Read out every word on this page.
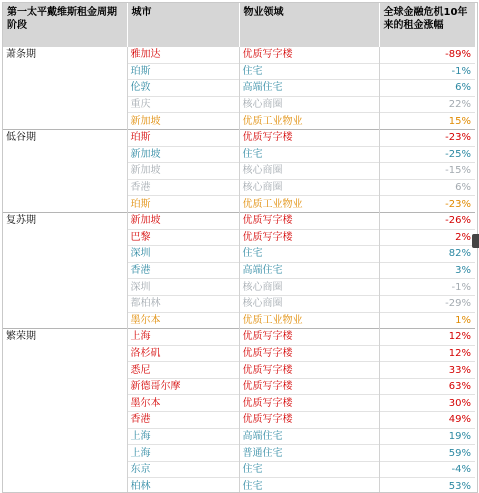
第一太平戴维斯租金周期阶段	城市	物业领域	全球金融危机10年来的租金涨幅
萧条期	雅加达	优质写字楼	-89%
	珀斯	住宅	-1%
	伦敦	高端住宅	6%
	重庆	核心商圈	22%
	新加坡	优质工业物业	15%
低谷期	珀斯	优质写字楼	-23%
	新加坡	住宅	-25%
	新加坡	核心商圈	-15%
	香港	核心商圈	6%
	珀斯	优质工业物业	-23%
复苏期	新加坡	优质写字楼	-26%
	巴黎	优质写字楼	2%
	深圳	住宅	82%
	香港	高端住宅	3%
	深圳	核心商圈	-1%
	都柏林	核心商圈	-29%
	墨尔本	优质工业物业	1%
繁荣期	上海	优质写字楼	12%
	洛杉矶	优质写字楼	12%
	悉尼	优质写字楼	33%
	新德哥尔摩	优质写字楼	63%
	墨尔本	优质写字楼	30%
	香港	优质写字楼	49%
	上海	高端住宅	19%
	上海	普通住宅	59%
	东京	住宅	-4%
	柏林	住宅	53%
